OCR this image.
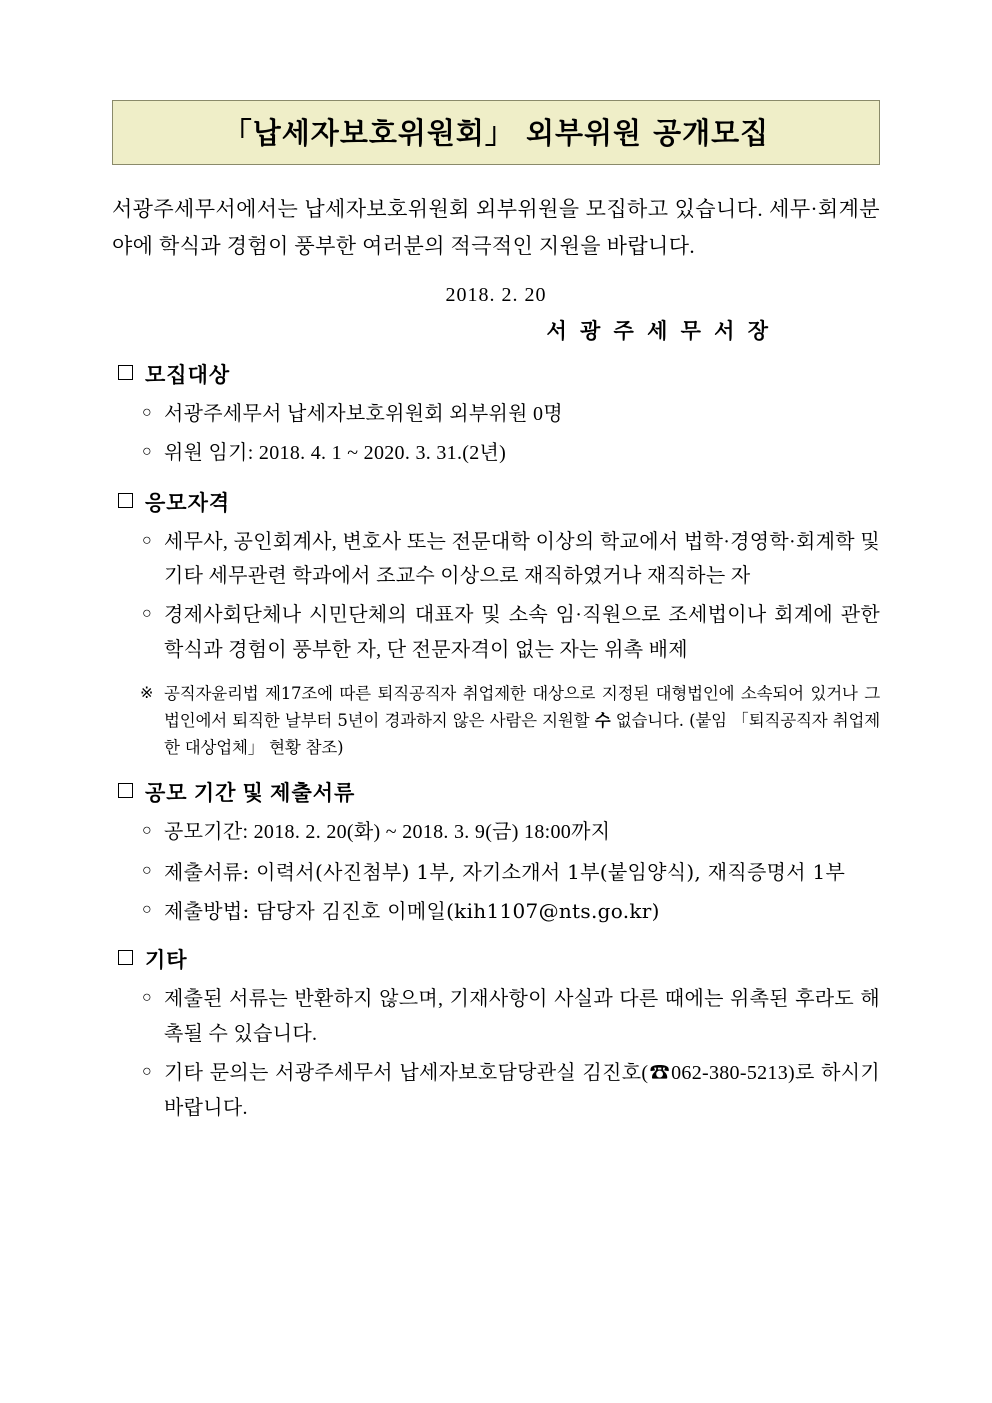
「납세자보호위원회」 외부위원 공개모집
서광주세무서에서는 납세자보호위원회 외부위원을 모집하고 있습니다. 세무·회계분야에 학식과 경험이 풍부한 여러분의 적극적인 지원을 바랍니다.
2018. 2. 20
서 광 주 세 무 서 장
모집대상
○ 서광주세무서 납세자보호위원회 외부위원 0명
○ 위원 임기: 2018. 4. 1 ~ 2020. 3. 31.(2년)
응모자격
○ 세무사, 공인회계사, 변호사 또는 전문대학 이상의 학교에서 법학·경영학·회계학 및 기타 세무관련 학과에서 조교수 이상으로 재직하였거나 재직하는 자
○ 경제사회단체나 시민단체의 대표자 및 소속 임·직원으로 조세법이나 회계에 관한 학식과 경험이 풍부한 자, 단 전문자격이 없는 자는 위촉 배제
※ 공직자윤리법 제17조에 따른 퇴직공직자 취업제한 대상으로 지정된 대형법인에 소속되어 있거나 그 법인에서 퇴직한 날부터 5년이 경과하지 않은 사람은 지원할 수 없습니다. (붙임 「퇴직공직자 취업제한 대상업체」 현황 참조)
공모 기간 및 제출서류
○ 공모기간: 2018. 2. 20(화) ~ 2018. 3. 9(금) 18:00까지
○ 제출서류: 이력서(사진첨부) 1부, 자기소개서 1부(붙임양식), 재직증명서 1부
○ 제출방법: 담당자 김진호 이메일(kih1107@nts.go.kr)
기타
○ 제출된 서류는 반환하지 않으며, 기재사항이 사실과 다른 때에는 위촉된 후라도 해촉될 수 있습니다.
○ 기타 문의는 서광주세무서 납세자보호담당관실 김진호(☎062-380-5213)로 하시기 바랍니다.
